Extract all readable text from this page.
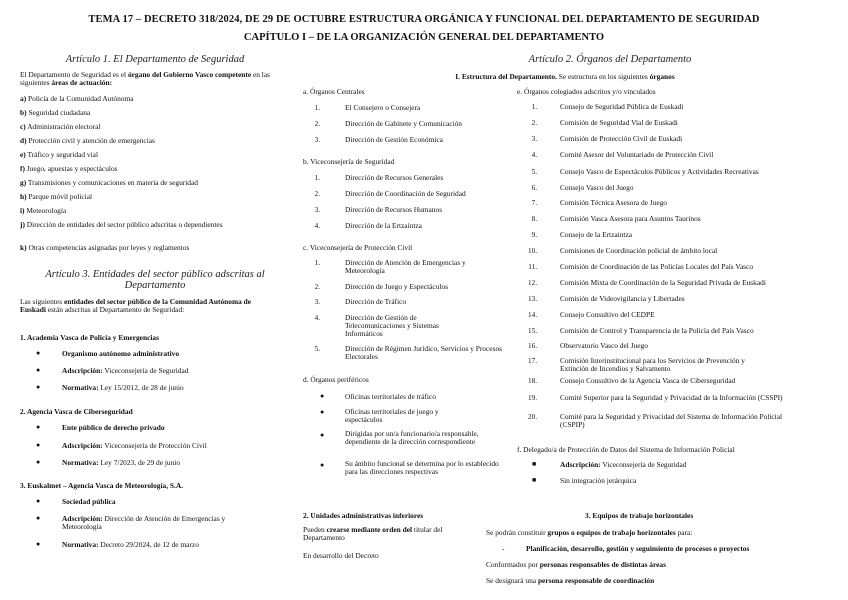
TEMA 17 – DECRETO 318/2024, DE 29 DE OCTUBRE ESTRUCTURA ORGÁNICA Y FUNCIONAL DEL DEPARTAMENTO DE SEGURIDAD
CAPÍTULO I – DE LA ORGANIZACIÓN GENERAL DEL DEPARTAMENTO
Artículo 1. El Departamento de Seguridad
El Departamento de Seguridad es el órgano del Gobierno Vasco competente en las siguientes áreas de actuación:
a) Policía de la Comunidad Autónoma
b) Seguridad ciudadana
c) Administración electoral
d) Protección civil y atención de emergencias
e) Tráfico y seguridad vial
f) Juego, apuestas y espectáculos
g) Transmisiones y comunicaciones en materia de seguridad
h) Parque móvil policial
i) Meteorología
j) Dirección de entidades del sector público adscritas o dependientes
k) Otras competencias asignadas por leyes y reglamentos
Artículo 3. Entidades del sector público adscritas al
Departamento
Las siguientes entidades del sector público de la Comunidad Autónoma de Euskadi están adscritas al Departamento de Seguridad:
1. Academia Vasca de Policía y Emergencias
●	Organismo autónomo administrativo
●	Adscripción: Viceconsejería de Seguridad
●	Normativa: Ley 15/2012, de 28 de junio
2. Agencia Vasca de Ciberseguridad
●	Ente público de derecho privado
●	Adscripción: Viceconsejería de Protección Civil
●	Normativa: Ley 7/2023, de 29 de junio
3. Euskalmet – Agencia Vasca de Meteorología, S.A.
●	Sociedad pública
●	Adscripción: Dirección de Atención de Emergencias y Meteorología
●	Normativa: Decreto 29/2024, de 12 de marzo
Artículo 2. Órganos del Departamento
I. Estructura del Departamento. Se estructura en los siguientes órganos
a. Órganos Centrales
1.	El Consejero o Consejera
2.	Dirección de Gabinete y Comunicación
3.	Dirección de Gestión Económica
b. Viceconsejería de Seguridad
1.	Dirección de Recursos Generales
2.	Dirección de Coordinación de Seguridad
3.	Dirección de Recursos Humanos
4.	Dirección de la Ertzaintza
c. Viceconsejería de Protección Civil
1.	Dirección de Atención de Emergencias y Meteorología
2.	Dirección de Juego y Espectáculos
3.	Dirección de Tráfico
4.	Dirección de Gestión de Telecomunicaciones y Sistemas Informáticos
5.	Dirección de Régimen Jurídico, Servicios y Procesos Electorales
d. Órganos periféricos
●	Oficinas territoriales de tráfico
●	Oficinas territoriales de juego y espectáculos
●	Dirigidas por un/a funcionario/a responsable, dependiente de la dirección correspondiente
●	Su ámbito funcional se determina por lo establecido para las direcciones respectivas
e. Órganos colegiados adscritos y/o vinculados
1.	Consejo de Seguridad Pública de Euskadi
2.	Comisión de Seguridad Vial de Euskadi
3.	Comisión de Protección Civil de Euskadi
4.	Comité Asesor del Voluntariado de Protección Civil
5.	Consejo Vasco de Espectáculos Públicos y Actividades Recreativas
6.	Consejo Vasco del Juego
7.	Comisión Técnica Asesora de Juego
8.	Comisión Vasca Asesora para Asuntos Taurinos
9.	Consejo de la Ertzaintza
10.	Comisiones de Coordinación policial de ámbito local
11.	Comisión de Coordinación de las Policías Locales del País Vasco
12.	Comisión Mixta de Coordinación de la Seguridad Privada de Euskadi
13.	Comisión de Videovigilancia y Libertades
14.	Consejo Consultivo del CEDPE
15.	Comisión de Control y Transparencia de la Policía del País Vasco
16.	Observatorio Vasco del Juego
17.	Comisión Interinstitucional para los Servicios de Prevención y Extinción de Incendios y Salvamento
18.	Consejo Consultivo de la Agencia Vasca de Ciberseguridad
19.	Comité Superior para la Seguridad y Privacidad de la Información (CSSPI)
20.	Comité para la Seguridad y Privacidad del Sistema de Información Policial (CSPIP)
f. Delegado/a de Protección de Datos del Sistema de Información Policial
■	Adscripción: Viceconsejería de Seguridad
■	Sin integración jerárquica
2. Unidades administrativas inferiores
Pueden crearse mediante orden del titular del Departamento
En desarrollo del Decreto
3. Equipos de trabajo horizontales
Se podrán constituir grupos o equipos de trabajo horizontales para:
-	Planificación, desarrollo, gestión y seguimiento de procesos o proyectos
Conformados por personas responsables de distintas áreas
Se designará una persona responsable de coordinación
